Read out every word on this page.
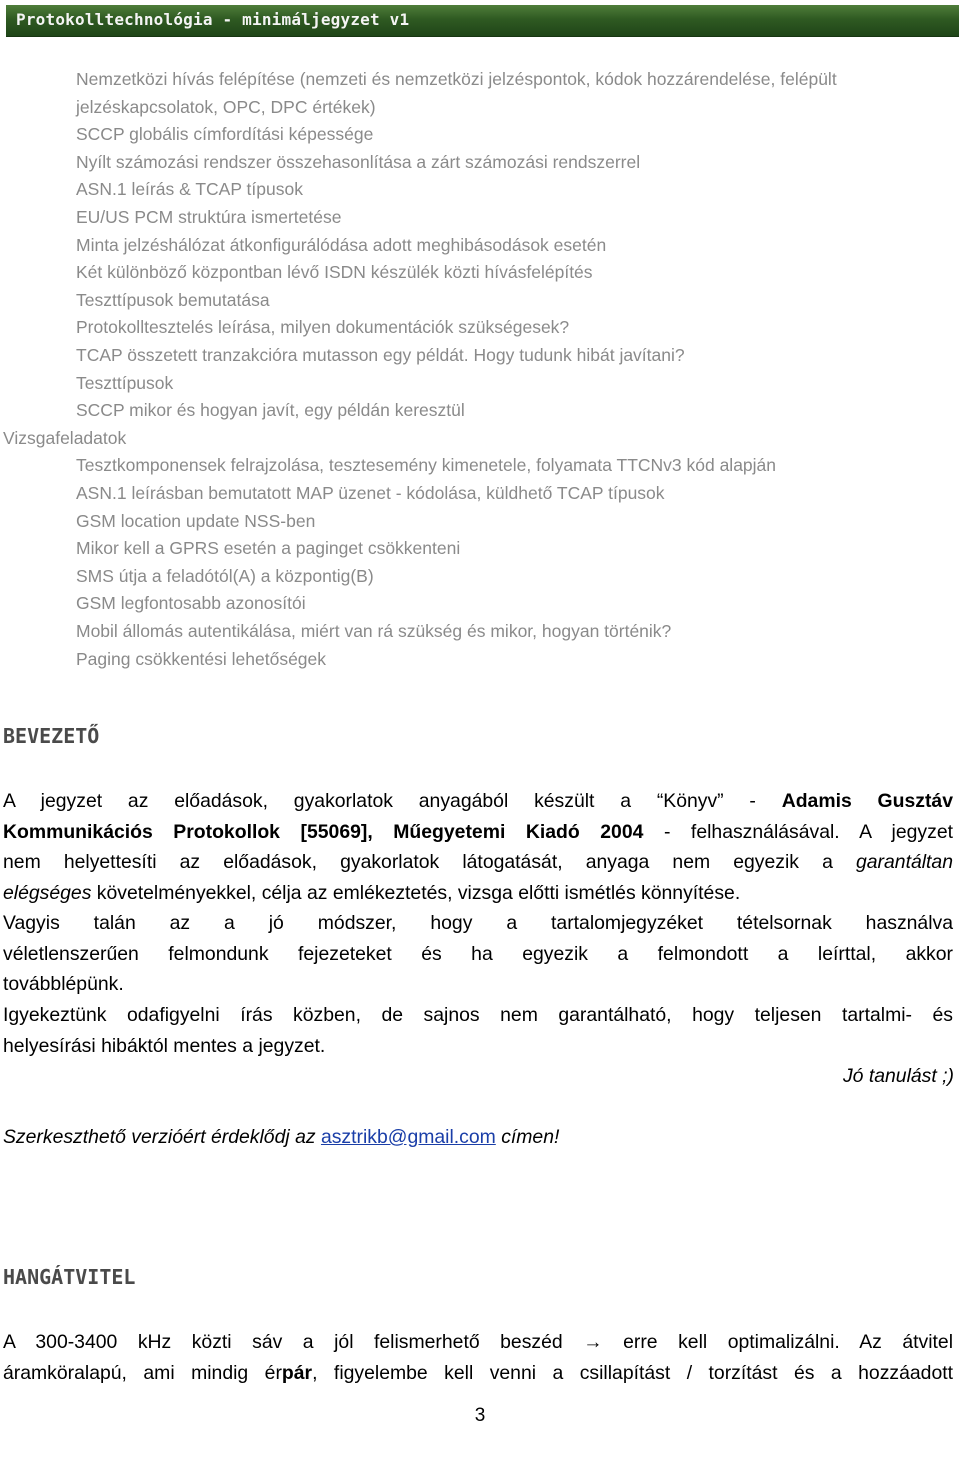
Protokolltechnológia - minimáljegyzet v1
Nemzetközi hívás felépítése (nemzeti és nemzetközi jelzéspontok, kódok hozzárendelése, felépült
jelzéskapcsolatok, OPC, DPC értékek)
SCCP globális címfordítási képessége
Nyílt számozási rendszer összehasonlítása a zárt számozási rendszerrel
ASN.1 leírás & TCAP típusok
EU/US PCM struktúra ismertetése
Minta jelzéshálózat átkonfigurálódása adott meghibásodások esetén
Két különböző központban lévő ISDN készülék közti hívásfelépítés
Teszttípusok bemutatása
Protokolltesztelés leírása, milyen dokumentációk szükségesek?
TCAP összetett tranzakcióra mutasson egy példát. Hogy tudunk hibát javítani?
Teszttípusok
SCCP mikor és hogyan javít, egy példán keresztül
Vizsgafeladatok
Tesztkomponensek felrajzolása, tesztesemény kimenetele, folyamata TTCNv3 kód alapján
ASN.1 leírásban bemutatott MAP üzenet - kódolása, küldhető TCAP típusok
GSM location update NSS-ben
Mikor kell a GPRS esetén a paginget csökkenteni
SMS útja a feladótól(A) a központig(B)
GSM legfontosabb azonosítói
Mobil állomás autentikálása, miért van rá szükség és mikor, hogyan történik?
Paging csökkentési lehetőségek
BEVEZETŐ
A jegyzet az előadások, gyakorlatok anyagából készült a “Könyv” - Adamis Gusztáv
Kommunikációs Protokollok [55069], Műegyetemi Kiadó 2004 - felhasználásával. A jegyzet
nem helyettesíti az előadások, gyakorlatok látogatását, anyaga nem egyezik a garantáltan
elégséges követelményekkel, célja az emlékeztetés, vizsga előtti ismétlés könnyítése.
Vagyis talán az a jó módszer, hogy a tartalomjegyzéket tételsornak használva
véletlenszerűen felmondunk fejezeteket és ha egyezik a felmondott a leírttal, akkor
továbblépünk.
Igyekeztünk odafigyelni írás közben, de sajnos nem garantálható, hogy teljesen tartalmi- és
helyesírási hibáktól mentes a jegyzet.
Jó tanulást ;)
Szerkeszthető verzióért érdeklődj az asztrikb@gmail.com címen!
HANGÁTVITEL
A 300-3400 kHz közti sáv a jól felismerhető beszéd → erre kell optimalizálni. Az átvitel
áramköralapú, ami mindig érpár, figyelembe kell venni a csillapítást / torzítást és a hozzáadott
3
